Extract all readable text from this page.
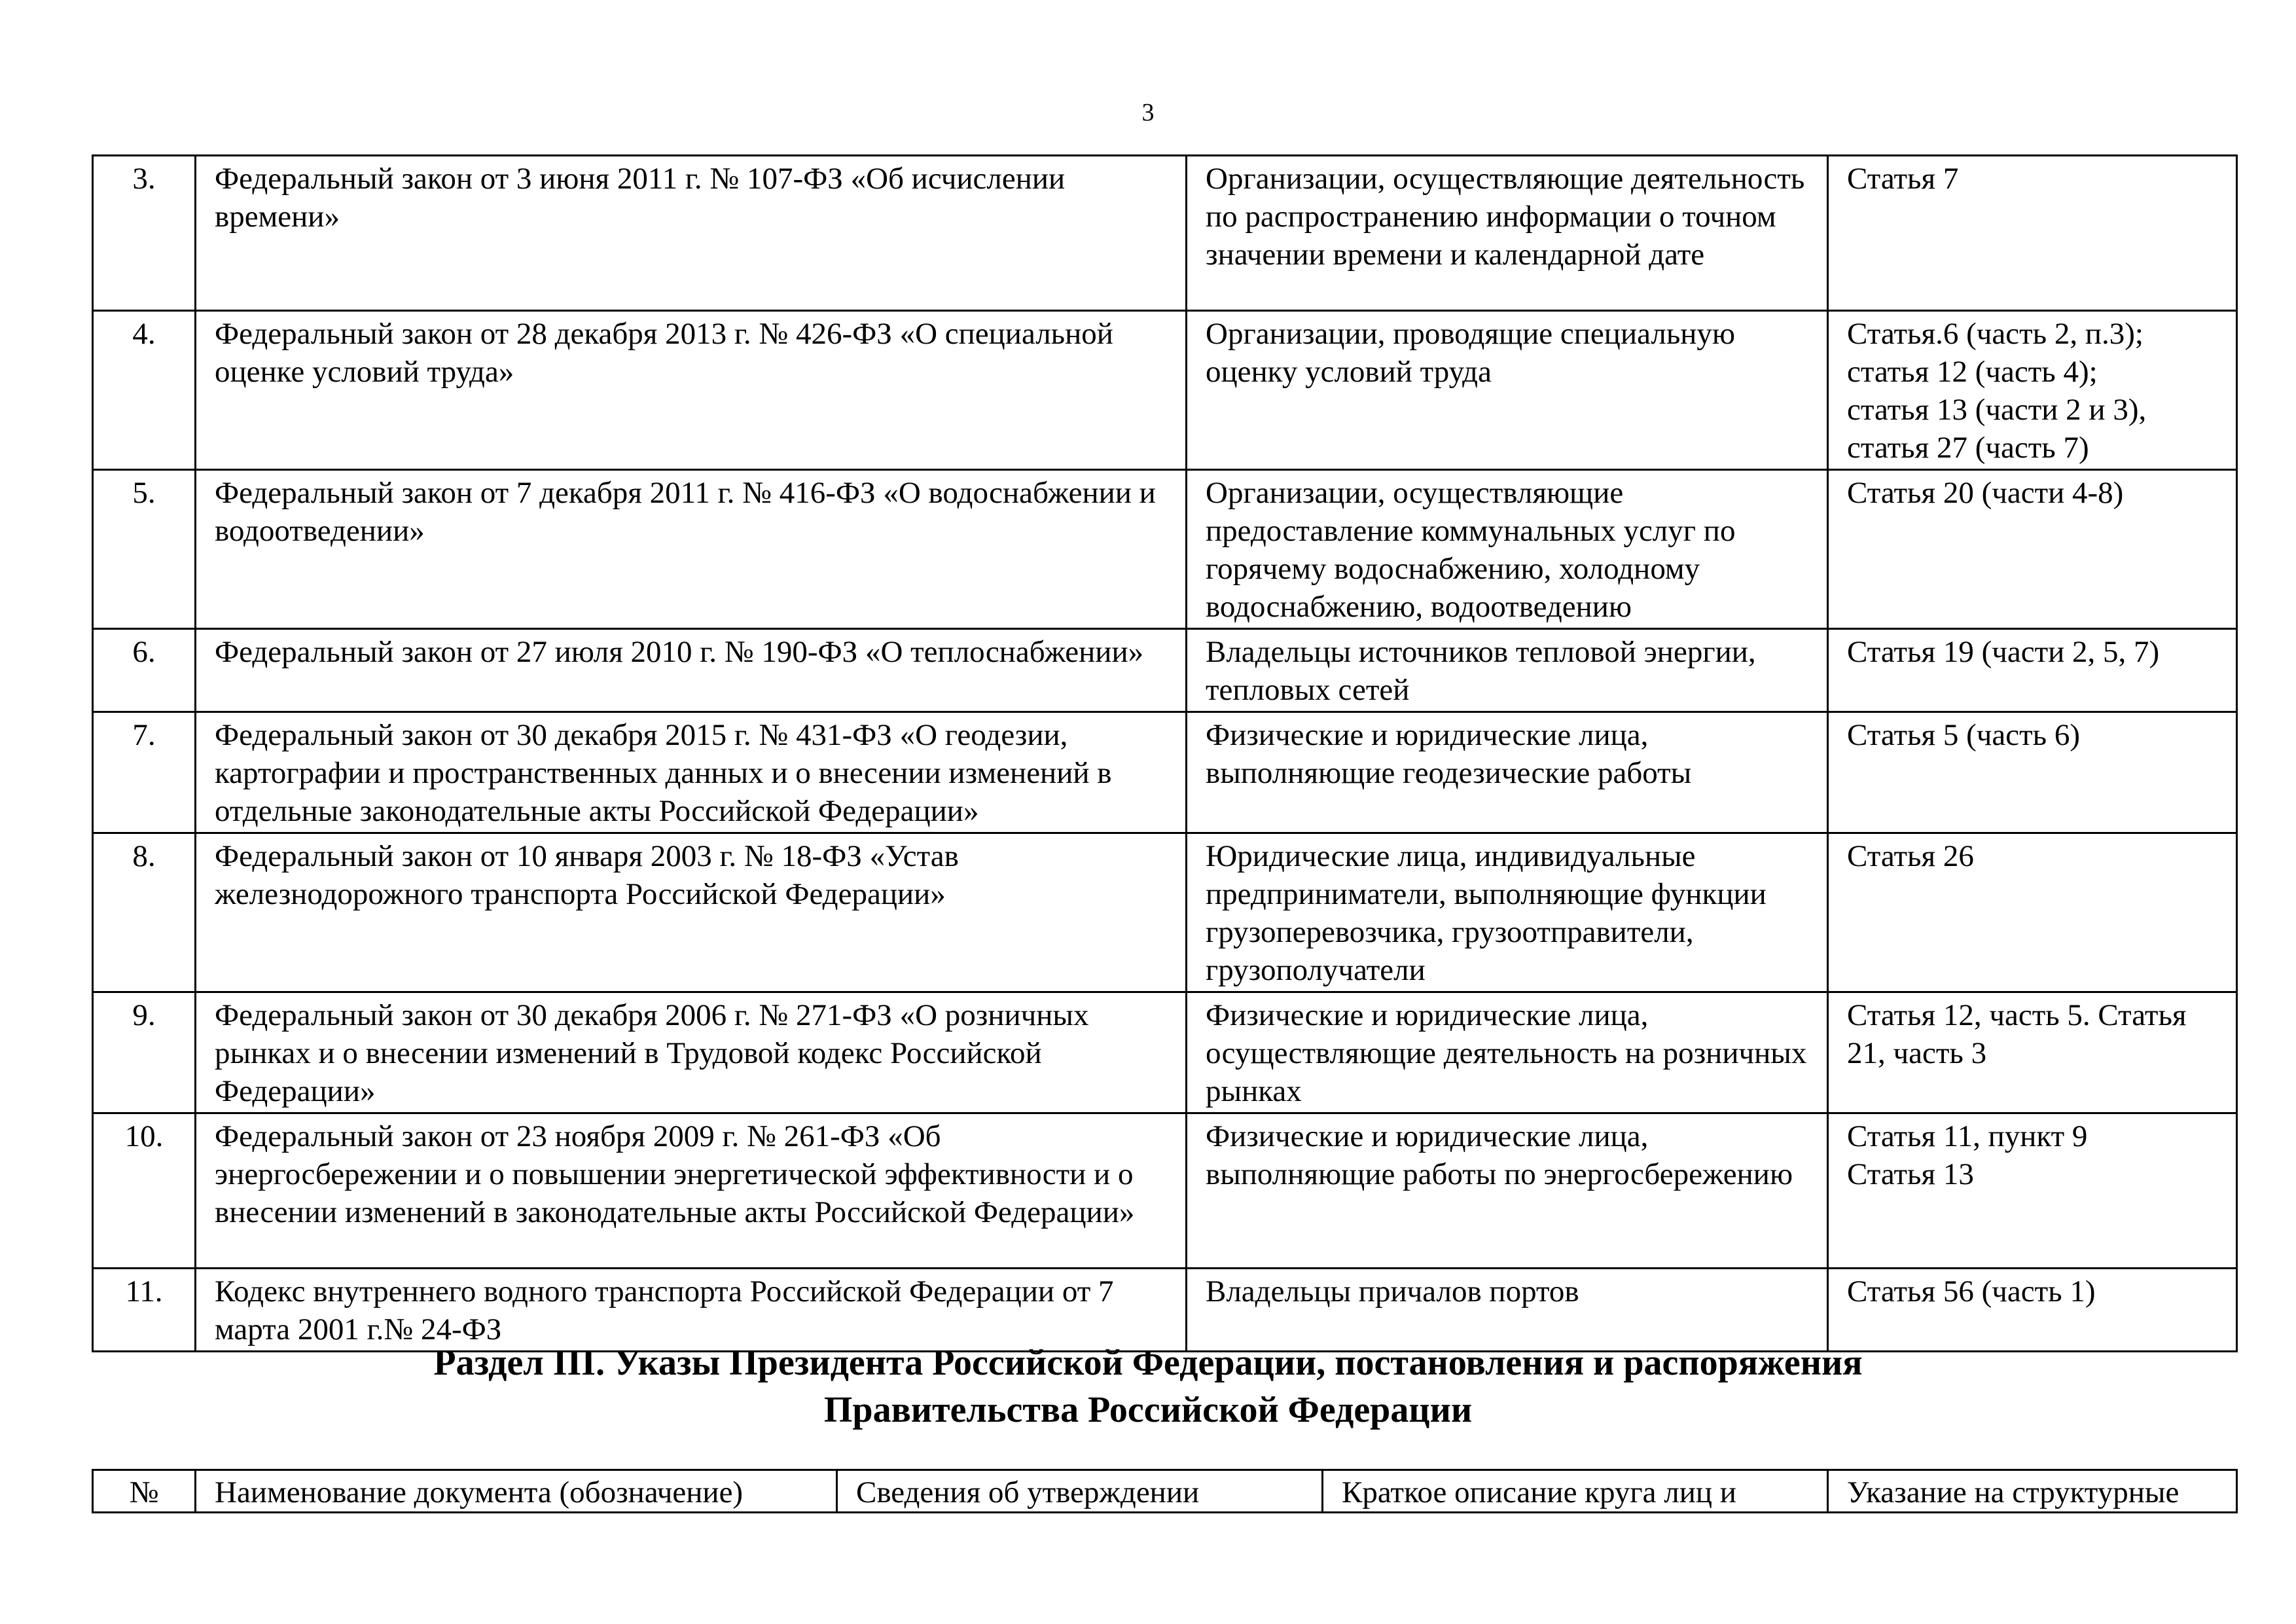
3
3.	Федеральный закон от 3 июня 2011 г. № 107-ФЗ «Об исчислении времени»	Организации, осуществляющие деятельность по распространению информации о точном значении времени и календарной дате	Статья 7

4.	Федеральный закон от 28 декабря 2013 г. № 426-ФЗ «О специальной оценке условий труда»	Организации, проводящие специальную оценку условий труда	Статья.6 (часть 2, п.3);
статья 12 (часть 4);
статья 13 (части 2 и 3),
статья 27 (часть 7)

5.	Федеральный закон от 7 декабря 2011 г. № 416-ФЗ «О водоснабжении и водоотведении»	Организации, осуществляющие предоставление коммунальных услуг по горячему водоснабжению, холодному водоснабжению, водоотведению	Статья 20 (части 4-8)

6.	Федеральный закон от 27 июля 2010 г. № 190-ФЗ «О теплоснабжении»	Владельцы источников тепловой энергии, тепловых сетей	Статья 19 (части 2, 5, 7)

7.	Федеральный закон от 30 декабря 2015 г. № 431-ФЗ «О геодезии, картографии и пространственных данных и о внесении изменений в отдельные законодательные акты Российской Федерации»	Физические и юридические лица, выполняющие геодезические работы	Статья 5 (часть 6)

8.	Федеральный закон от 10 января 2003 г. № 18-ФЗ «Устав железнодорожного транспорта Российской Федерации»	Юридические лица, индивидуальные предприниматели, выполняющие функции грузоперевозчика, грузоотправители, грузополучатели	Статья 26

9.	Федеральный закон от 30 декабря 2006 г. № 271-ФЗ «О розничных рынках и о внесении изменений в Трудовой кодекс Российской Федерации»	Физические и юридические лица, осуществляющие деятельность на розничных рынках	Статья 12, часть 5. Статья 21, часть 3

10.	Федеральный закон от 23 ноября 2009 г. № 261-ФЗ «Об энергосбережении и о повышении энергетической эффективности и о внесении изменений в законодательные акты Российской Федерации»	Физические и юридические лица, выполняющие работы по энергосбережению	Статья 11, пункт 9
Статья 13

11.	Кодекс внутреннего водного транспорта Российской Федерации от 7 марта 2001 г.№ 24-ФЗ	Владельцы причалов портов	Статья 56 (часть 1)
Раздел III. Указы Президента Российской Федерации, постановления и распоряжения
Правительства Российской Федерации
№	Наименование документа (обозначение)	Сведения об утверждении	Краткое описание круга лиц и	Указание на структурные
